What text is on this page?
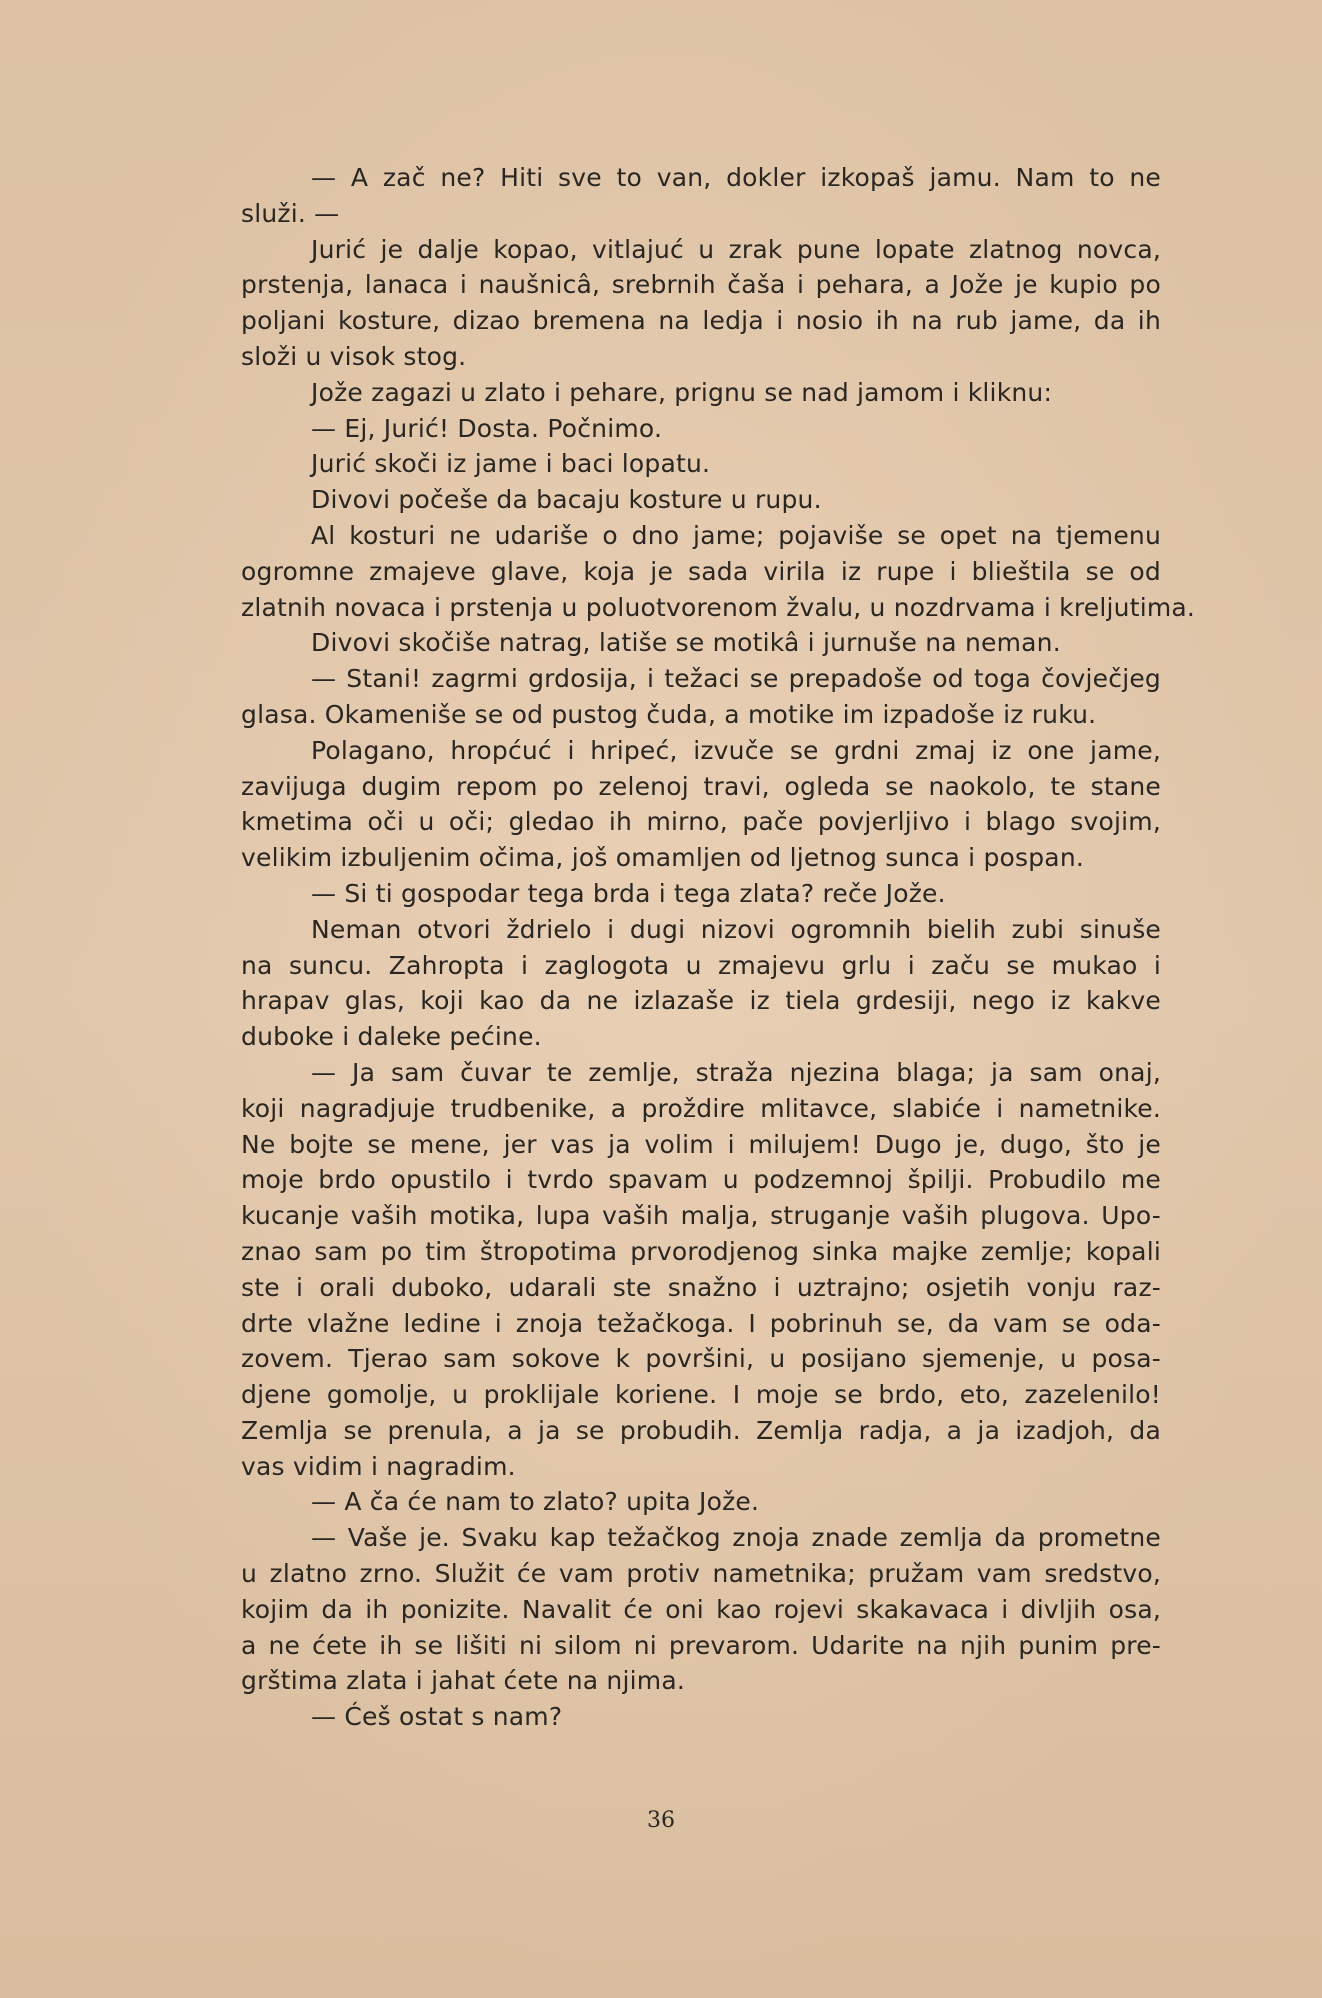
— A zač ne? Hiti sve to van, dokler izkopaš jamu. Nam to ne
služi. —
Jurić je dalje kopao, vitlajuć u zrak pune lopate zlatnog novca,
prstenja, lanaca i naušnicâ, srebrnih čaša i pehara, a Jože je kupio po
poljani kosture, dizao bremena na ledja i nosio ih na rub jame, da ih
složi u visok stog.
Jože zagazi u zlato i pehare, prignu se nad jamom i kliknu:
— Ej, Jurić! Dosta. Počnimo.
Jurić skoči iz jame i baci lopatu.
Divovi počeše da bacaju kosture u rupu.
Al kosturi ne udariše o dno jame; pojaviše se opet na tjemenu
ogromne zmajeve glave, koja je sada virila iz rupe i blieštila se od
zlatnih novaca i prstenja u poluotvorenom žvalu, u nozdrvama i kreljutima.
Divovi skočiše natrag, latiše se motikâ i jurnuše na neman.
— Stani! zagrmi grdosija, i težaci se prepadoše od toga čovječjeg
glasa. Okameniše se od pustog čuda, a motike im izpadoše iz ruku.
Polagano, hropćuć i hripeć, izvuče se grdni zmaj iz one jame,
zavijuga dugim repom po zelenoj travi, ogleda se naokolo, te stane
kmetima oči u oči; gledao ih mirno, pače povjerljivo i blago svojim,
velikim izbuljenim očima, još omamljen od ljetnog sunca i pospan.
— Si ti gospodar tega brda i tega zlata? reče Jože.
Neman otvori ždrielo i dugi nizovi ogromnih bielih zubi sinuše
na suncu. Zahropta i zaglogota u zmajevu grlu i začu se mukao i
hrapav glas, koji kao da ne izlazaše iz tiela grdesiji, nego iz kakve
duboke i daleke pećine.
— Ja sam čuvar te zemlje, straža njezina blaga; ja sam onaj,
koji nagradjuje trudbenike, a proždire mlitavce, slabiće i nametnike.
Ne bojte se mene, jer vas ja volim i milujem! Dugo je, dugo, što je
moje brdo opustilo i tvrdo spavam u podzemnoj špilji. Probudilo me
kucanje vaših motika, lupa vaših malja, struganje vaših plugova. Upo-
znao sam po tim štropotima prvorodjenog sinka majke zemlje; kopali
ste i orali duboko, udarali ste snažno i uztrajno; osjetih vonju raz-
drte vlažne ledine i znoja težačkoga. I pobrinuh se, da vam se oda-
zovem. Tjerao sam sokove k površini, u posijano sjemenje, u posa-
djene gomolje, u proklijale koriene. I moje se brdo, eto, zazelenilo!
Zemlja se prenula, a ja se probudih. Zemlja radja, a ja izadjoh, da
vas vidim i nagradim.
— A ča će nam to zlato? upita Jože.
— Vaše je. Svaku kap težačkog znoja znade zemlja da prometne
u zlatno zrno. Služit će vam protiv nametnika; pružam vam sredstvo,
kojim da ih ponizite. Navalit će oni kao rojevi skakavaca i divljih osa,
a ne ćete ih se lišiti ni silom ni prevarom. Udarite na njih punim pre-
grštima zlata i jahat ćete na njima.
— Ćeš ostat s nam?
36
